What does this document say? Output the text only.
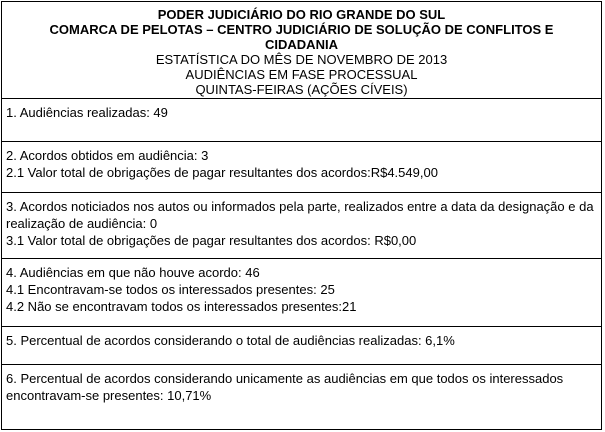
PODER JUDICIÁRIO DO RIO GRANDE DO SUL
COMARCA DE PELOTAS – CENTRO JUDICIÁRIO DE SOLUÇÃO DE CONFLITOS E
CIDADANIA
ESTATÍSTICA DO MÊS DE NOVEMBRO DE 2013
AUDIÊNCIAS EM FASE PROCESSUAL
QUINTAS-FEIRAS (AÇÕES CÍVEIS)
1. Audiências realizadas: 49
2. Acordos obtidos em audiência: 3
2.1 Valor total de obrigações de pagar resultantes dos acordos:R$4.549,00
3. Acordos noticiados nos autos ou informados pela parte, realizados entre a data da designação e da realização de audiência: 0
3.1 Valor total de obrigações de pagar resultantes dos acordos: R$0,00
4. Audiências em que não houve acordo: 46
4.1 Encontravam-se todos os interessados presentes: 25
4.2 Não se encontravam todos os interessados presentes:21
5. Percentual de acordos considerando o total de audiências realizadas: 6,1%
6. Percentual de acordos considerando unicamente as audiências em que todos os interessados encontravam-se presentes: 10,71%
